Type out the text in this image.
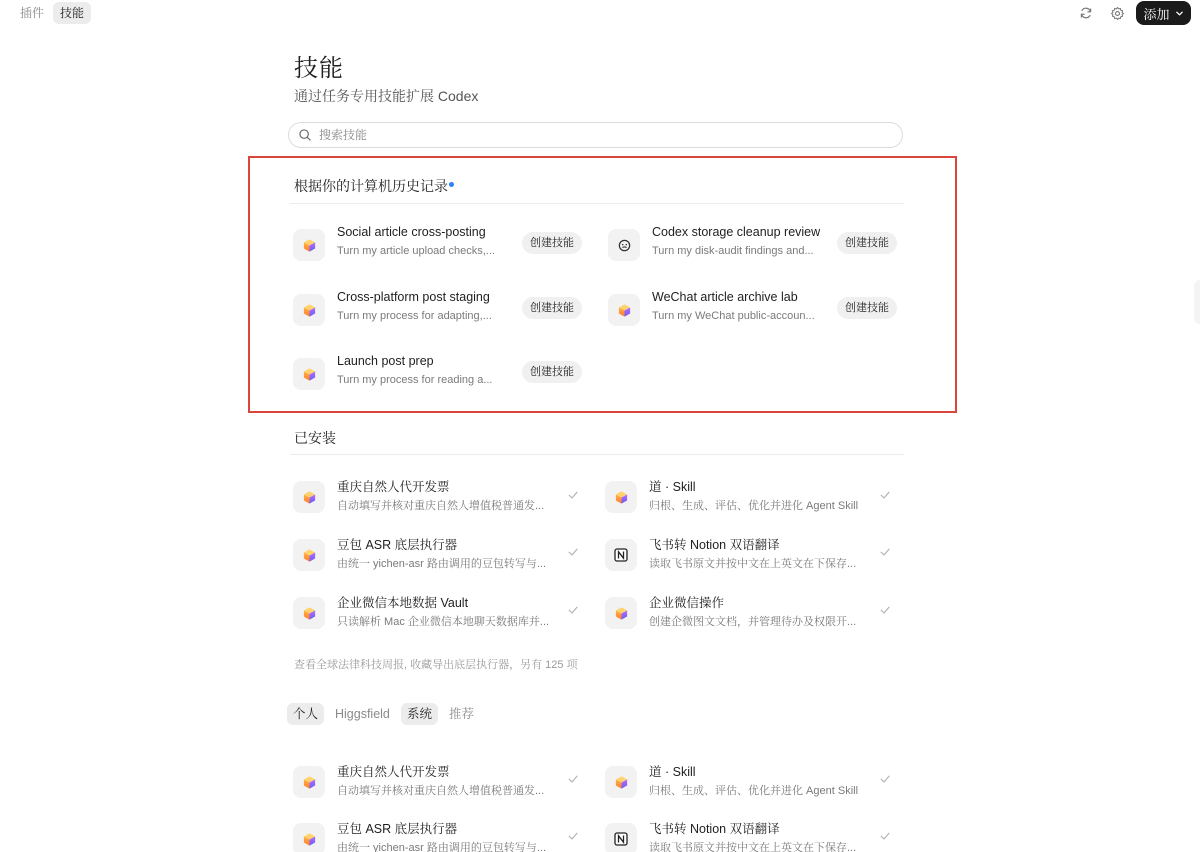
插件	技能	添加
技能
通过任务专用技能扩展 Codex
搜索技能
根据你的计算机历史记录
Social article cross-posting
Turn my article upload checks,...
创建技能
Codex storage cleanup review
Turn my disk-audit findings and...
创建技能
Cross-platform post staging
Turn my process for adapting,...
创建技能
WeChat article archive lab
Turn my WeChat public-accoun...
创建技能
Launch post prep
Turn my process for reading a...
创建技能
已安装
重庆自然人代开发票
自动填写并核对重庆自然人增值税普通发...
道 · Skill
归根、生成、评估、优化并进化 Agent Skill
豆包 ASR 底层执行器
由统一 yichen-asr 路由调用的豆包转写与...
飞书转 Notion 双语翻译
读取飞书原文并按中文在上英文在下保存...
企业微信本地数据 Vault
只读解析 Mac 企业微信本地聊天数据库并...
企业微信操作
创建企微图文文档，并管理待办及权限开...
查看全球法律科技周报, 收藏导出底层执行器，另有 125 项
个人	Higgsfield	系统	推荐
重庆自然人代开发票
自动填写并核对重庆自然人增值税普通发...
道 · Skill
归根、生成、评估、优化并进化 Agent Skill
豆包 ASR 底层执行器
由统一 yichen-asr 路由调用的豆包转写与...
飞书转 Notion 双语翻译
读取飞书原文并按中文在上英文在下保存...
